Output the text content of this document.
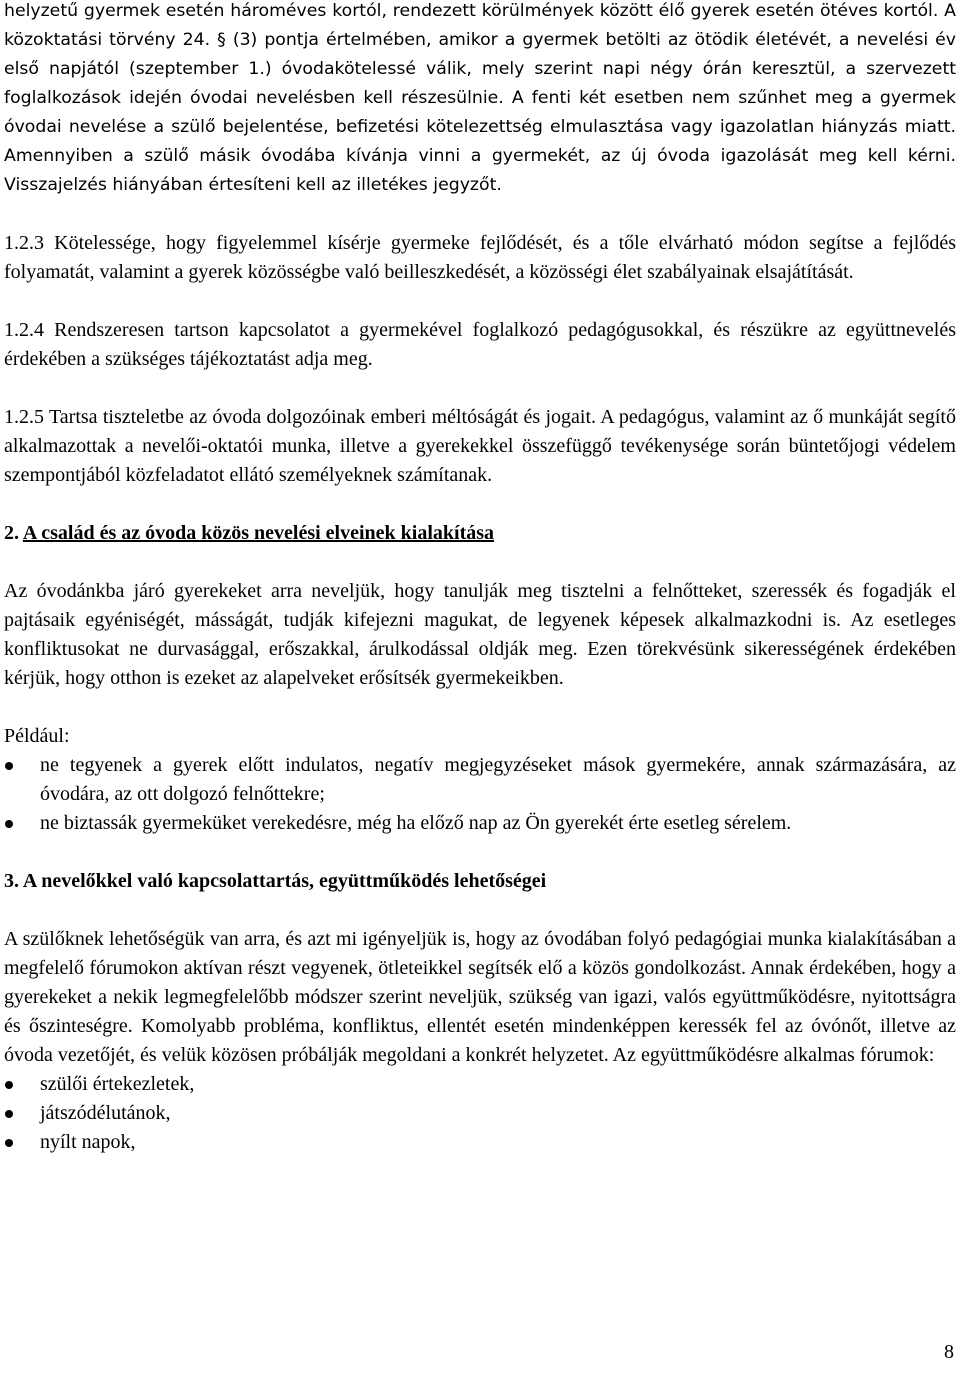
helyzetű gyermek esetén hároméves kortól, rendezett körülmények között élő gyerek esetén ötéves kortól. A közoktatási törvény 24. § (3) pontja értelmében, amikor a gyermek betölti az ötödik életévét, a nevelési év első napjától (szeptember 1.) óvodakötelessé válik, mely szerint napi négy órán keresztül, a szervezett foglalkozások idején óvodai nevelésben kell részesülnie. A fenti két esetben nem szűnhet meg a gyermek óvodai nevelése a szülő bejelentése, befizetési kötelezettség elmulasztása vagy igazolatlan hiányzás miatt. Amennyiben a szülő másik óvodába kívánja vinni a gyermekét, az új óvoda igazolását meg kell kérni. Visszajelzés hiányában értesíteni kell az illetékes jegyzőt.

1.2.3 Kötelessége, hogy figyelemmel kísérje gyermeke fejlődését, és a tőle elvárható módon segítse a fejlődés folyamatát, valamint a gyerek közösségbe való beilleszkedését, a közösségi élet szabályainak elsajátítását.

1.2.4 Rendszeresen tartson kapcsolatot a gyermekével foglalkozó pedagógusokkal, és részükre az együttnevelés érdekében a szükséges tájékoztatást adja meg.

1.2.5 Tartsa tiszteletbe az óvoda dolgozóinak emberi méltóságát és jogait. A pedagógus, valamint az ő munkáját segítő alkalmazottak a nevelői-oktatói munka, illetve a gyerekekkel összefüggő tevékenysége során büntetőjogi védelem szempontjából közfeladatot ellátó személyeknek számítanak.

2. A család és az óvoda közös nevelési elveinek kialakítása

Az óvodánkba járó gyerekeket arra neveljük, hogy tanulják meg tisztelni a felnőtteket, szeressék és fogadják el pajtásaik egyéniségét, másságát, tudják kifejezni magukat, de legyenek képesek alkalmazkodni is. Az esetleges konfliktusokat ne durvasággal, erőszakkal, árulkodással oldják meg. Ezen törekvésünk sikerességének érdekében kérjük, hogy otthon is ezeket az alapelveket erősítsék gyermekeikben.

Például:

ne tegyenek a gyerek előtt indulatos, negatív megjegyzéseket mások gyermekére, annak származására, az óvodára, az ott dolgozó felnőttekre;
ne biztassák gyermeküket verekedésre, még ha előző nap az Ön gyerekét érte esetleg sérelem.

3. A nevelőkkel való kapcsolattartás, együttműködés lehetőségei

A szülőknek lehetőségük van arra, és azt mi igényeljük is, hogy az óvodában folyó pedagógiai munka kialakításában a megfelelő fórumokon aktívan részt vegyenek, ötleteikkel segítsék elő a közös gondolkozást. Annak érdekében, hogy a gyerekeket a nekik legmegfelelőbb módszer szerint neveljük, szükség van igazi, valós együttműködésre, nyitottságra és őszinteségre. Komolyabb probléma, konfliktus, ellentét esetén mindenképpen keressék fel az óvónőt, illetve az óvoda vezetőjét, és velük közösen próbálják megoldani a konkrét helyzetet. Az együttműködésre alkalmas fórumok:

szülői értekezletek,
játszódélutánok,
nyílt napok,
8
